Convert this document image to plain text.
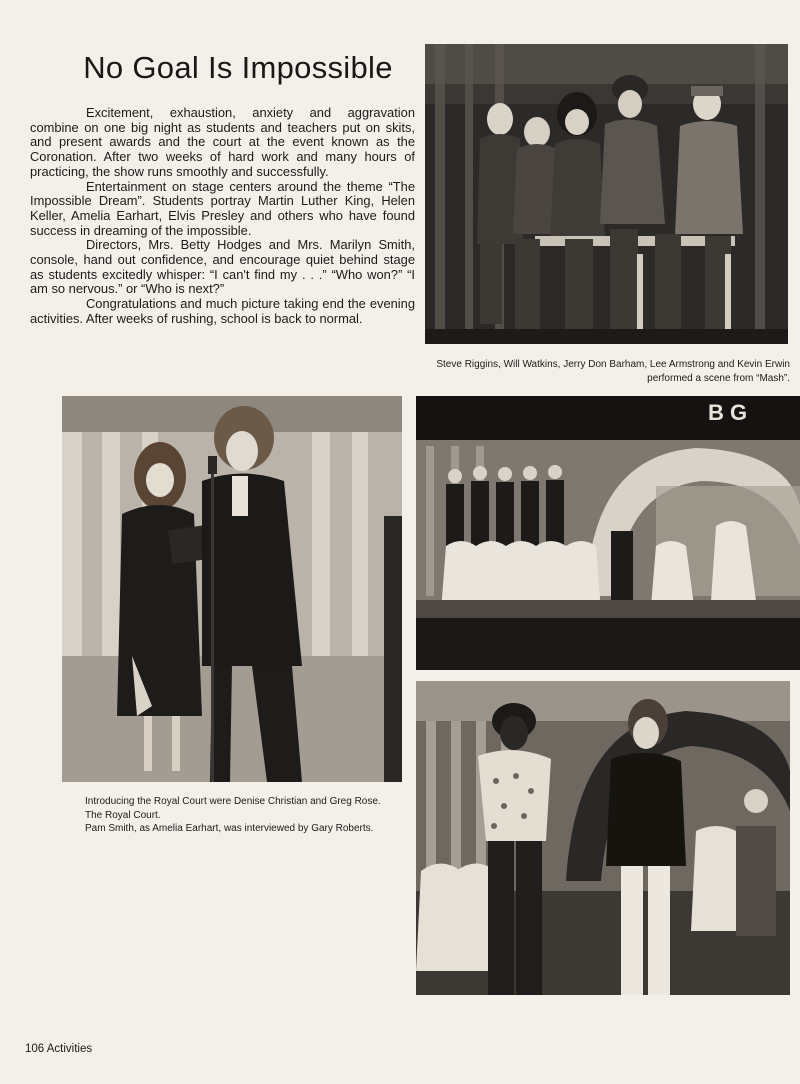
No Goal Is Impossible

Excitement, exhaustion, anxiety and aggravation combine on one big night as students and teachers put on skits, and present awards and the court at the event known as the Coronation. After two weeks of hard work and many hours of practicing, the show runs smoothly and successfully.

Entertainment on stage centers around the theme “The Impossible Dream”. Students portray Martin Luther King, Helen Keller, Amelia Earhart, Elvis Presley and others who have found success in dreaming of the impossible.

Directors, Mrs. Betty Hodges and Mrs. Marilyn Smith, console, hand out confidence, and encourage quiet behind stage as students excitedly whisper: “I can't find my . . .” “Who won?” “I am so nervous.” or “Who is next?”

Congratulations and much picture taking end the evening activities. After weeks of rushing, school is back to normal.

Steve Riggins, Will Watkins, Jerry Don Barham, Lee Armstrong and Kevin Erwin performed a scene from “Mash”.
B G
Introducing the Royal Court were Denise Christian and Greg Rose.
The Royal Court.
Pam Smith, as Amelia Earhart, was interviewed by Gary Roberts.
106 Activities
